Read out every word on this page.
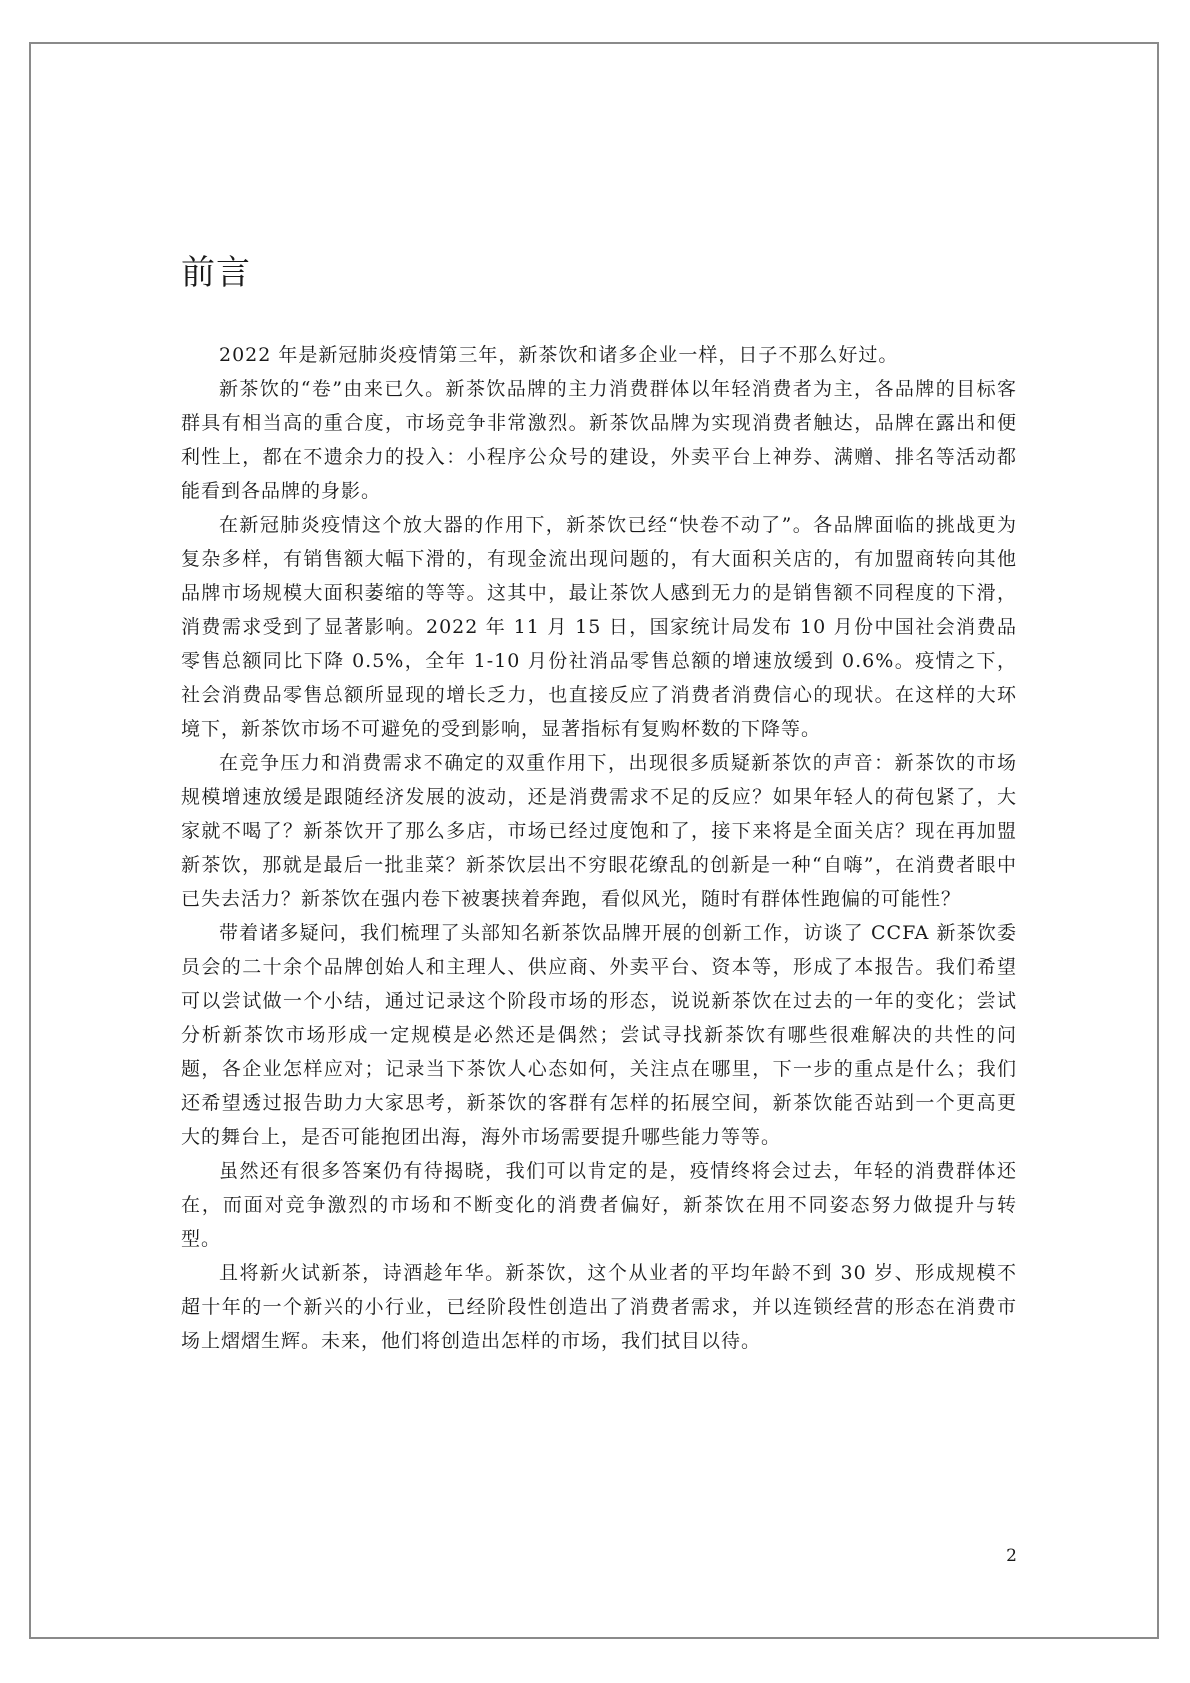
前言

2022 年是新冠肺炎疫情第三年，新茶饮和诸多企业一样，日子不那么好过。

新茶饮的“卷”由来已久。新茶饮品牌的主力消费群体以年轻消费者为主，各品牌的目标客群具有相当高的重合度，市场竞争非常激烈。新茶饮品牌为实现消费者触达，品牌在露出和便利性上，都在不遗余力的投入：小程序公众号的建设，外卖平台上神券、满赠、排名等活动都能看到各品牌的身影。

在新冠肺炎疫情这个放大器的作用下，新茶饮已经“快卷不动了”。各品牌面临的挑战更为复杂多样，有销售额大幅下滑的，有现金流出现问题的，有大面积关店的，有加盟商转向其他品牌市场规模大面积萎缩的等等。这其中，最让茶饮人感到无力的是销售额不同程度的下滑，消费需求受到了显著影响。2022 年 11 月 15 日，国家统计局发布 10 月份中国社会消费品零售总额同比下降 0.5%，全年 1-10 月份社消品零售总额的增速放缓到 0.6%。疫情之下，社会消费品零售总额所显现的增长乏力，也直接反应了消费者消费信心的现状。在这样的大环境下，新茶饮市场不可避免的受到影响，显著指标有复购杯数的下降等。

在竞争压力和消费需求不确定的双重作用下，出现很多质疑新茶饮的声音：新茶饮的市场规模增速放缓是跟随经济发展的波动，还是消费需求不足的反应？如果年轻人的荷包紧了，大家就不喝了？新茶饮开了那么多店，市场已经过度饱和了，接下来将是全面关店？现在再加盟新茶饮，那就是最后一批韭菜？新茶饮层出不穷眼花缭乱的创新是一种“自嗨”，在消费者眼中已失去活力？新茶饮在强内卷下被裹挟着奔跑，看似风光，随时有群体性跑偏的可能性？

带着诸多疑问，我们梳理了头部知名新茶饮品牌开展的创新工作，访谈了 CCFA 新茶饮委员会的二十余个品牌创始人和主理人、供应商、外卖平台、资本等，形成了本报告。我们希望可以尝试做一个小结，通过记录这个阶段市场的形态，说说新茶饮在过去的一年的变化；尝试分析新茶饮市场形成一定规模是必然还是偶然；尝试寻找新茶饮有哪些很难解决的共性的问题，各企业怎样应对；记录当下茶饮人心态如何，关注点在哪里，下一步的重点是什么；我们还希望透过报告助力大家思考，新茶饮的客群有怎样的拓展空间，新茶饮能否站到一个更高更大的舞台上，是否可能抱团出海，海外市场需要提升哪些能力等等。

虽然还有很多答案仍有待揭晓，我们可以肯定的是，疫情终将会过去，年轻的消费群体还在，而面对竞争激烈的市场和不断变化的消费者偏好，新茶饮在用不同姿态努力做提升与转型。

且将新火试新茶，诗酒趁年华。新茶饮，这个从业者的平均年龄不到 30 岁、形成规模不超十年的一个新兴的小行业，已经阶段性创造出了消费者需求，并以连锁经营的形态在消费市场上熠熠生辉。未来，他们将创造出怎样的市场，我们拭目以待。

2
